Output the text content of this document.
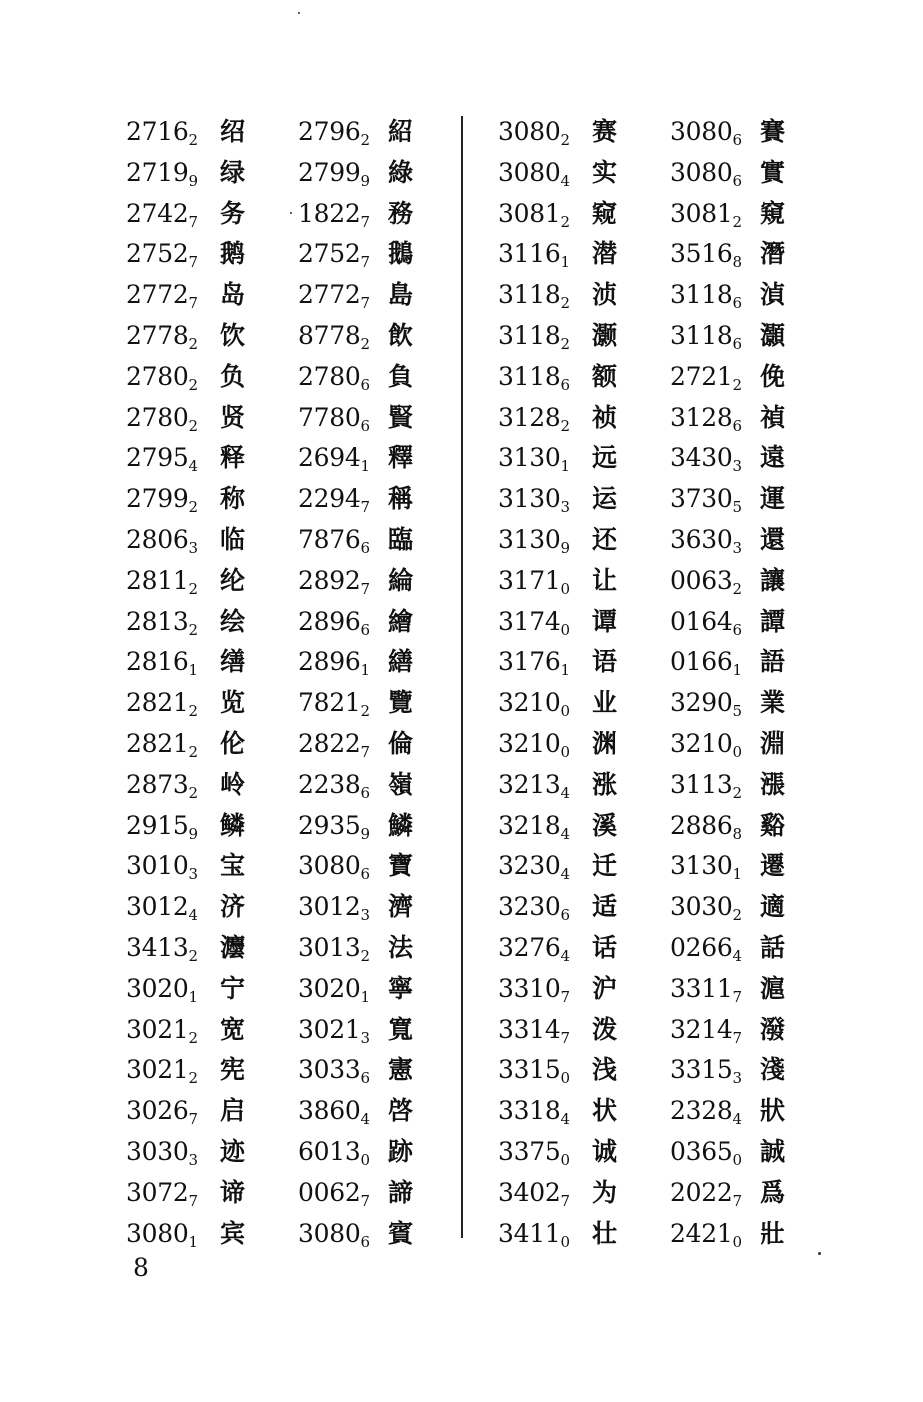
$2716_2$ 绍 $2796_2$ 紹
$2719_9$ 绿 $2799_9$ 綠
$2742_7$ 务 $1822_7$ 務
$2752_7$ 鹅 $2752_7$ 鵝
$2772_7$ 岛 $2772_7$ 島
$2778_2$ 饮 $8778_2$ 飲
$2780_2$ 负 $2780_6$ 負
$2780_2$ 贤 $7780_6$ 賢
$2795_4$ 释 $2694_1$ 釋
$2799_2$ 称 $2294_7$ 稱
$2806_3$ 临 $7876_6$ 臨
$2811_2$ 纶 $2892_7$ 綸
$2813_2$ 绘 $2896_6$ 繪
$2816_1$ 缮 $2896_1$ 繕
$2821_2$ 览 $7821_2$ 覽
$2821_2$ 伦 $2822_7$ 倫
$2873_2$ 岭 $2238_6$ 嶺
$2915_9$ 鳞 $2935_9$ 鱗
$3010_3$ 宝 $3080_6$ 寶
$3012_4$ 济 $3012_3$ 濟
$3413_2$ 灋 $3013_2$ 法
$3020_1$ 宁 $3020_1$ 寧
$3021_2$ 宽 $3021_3$ 寬
$3021_2$ 宪 $3033_6$ 憲
$3026_7$ 启 $3860_4$ 啓
$3030_3$ 迹 $6013_0$ 跡
$3072_7$ 谛 $0062_7$ 諦
$3080_1$ 宾 $3080_6$ 賓
$3080_2$ 赛 $3080_6$ 賽
$3080_4$ 实 $3080_6$ 實
$3081_2$ 窥 $3081_2$ 窺
$3116_1$ 潜 $3516_8$ 潛
$3118_2$ 浈 $3118_6$ 湞
$3118_2$ 灏 $3118_6$ 灝
$3118_6$ 额 $2721_2$ 俛
$3128_2$ 祯 $3128_6$ 禎
$3130_1$ 远 $3430_3$ 遠
$3130_3$ 运 $3730_5$ 運
$3130_9$ 还 $3630_3$ 還
$3171_0$ 让 $0063_2$ 讓
$3174_0$ 谭 $0164_6$ 譚
$3176_1$ 语 $0166_1$ 語
$3210_0$ 业 $3290_5$ 業
$3210_0$ 渊 $3210_0$ 淵
$3213_4$ 涨 $3113_2$ 漲
$3218_4$ 溪 $2886_8$ 谿
$3230_4$ 迁 $3130_1$ 遷
$3230_6$ 适 $3030_2$ 適
$3276_4$ 话 $0266_4$ 話
$3310_7$ 沪 $3311_7$ 滬
$3314_7$ 泼 $3214_7$ 潑
$3315_0$ 浅 $3315_3$ 淺
$3318_4$ 状 $2328_4$ 狀
$3375_0$ 诚 $0365_0$ 誠
$3402_7$ 为 $2022_7$ 爲
$3411_0$ 壮 $2421_0$ 壯
8
